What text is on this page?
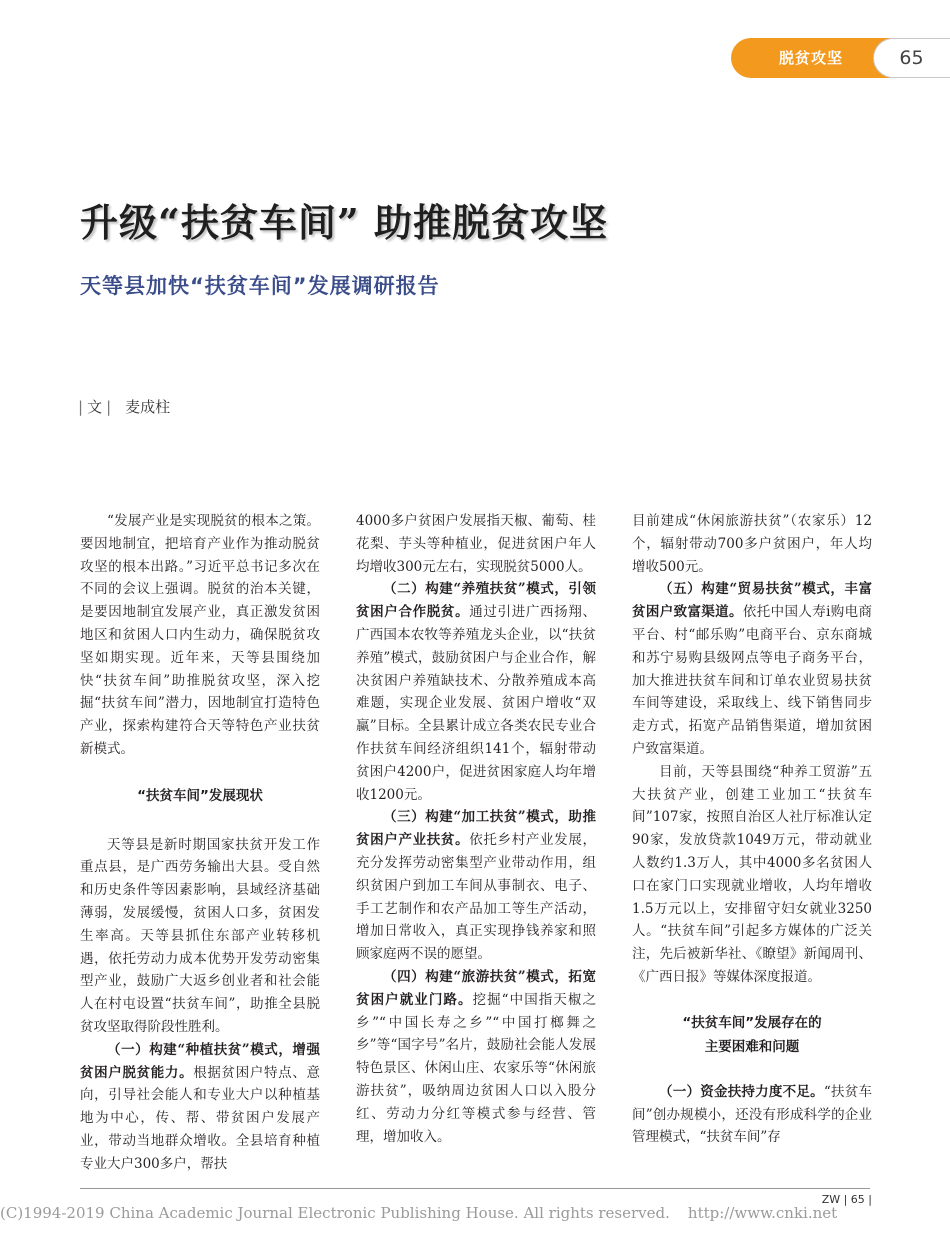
脱贫攻坚	65
升级“扶贫车间” 助推脱贫攻坚
天等县加快“扶贫车间”发展调研报告
| 文 | 麦成柱

“发展产业是实现脱贫的根本之策。要因地制宜，把培育产业作为推动脱贫攻坚的根本出路。”习近平总书记多次在不同的会议上强调。脱贫的治本关键，是要因地制宜发展产业，真正激发贫困地区和贫困人口内生动力，确保脱贫攻坚如期实现。近年来，天等县围绕加快“扶贫车间”助推脱贫攻坚，深入挖掘“扶贫车间”潜力，因地制宜打造特色产业，探索构建符合天等特色产业扶贫新模式。

“扶贫车间”发展现状

天等县是新时期国家扶贫开发工作重点县，是广西劳务输出大县。受自然和历史条件等因素影响，县域经济基础薄弱，发展缓慢，贫困人口多，贫困发生率高。天等县抓住东部产业转移机遇，依托劳动力成本优势开发劳动密集型产业，鼓励广大返乡创业者和社会能人在村屯设置“扶贫车间”，助推全县脱贫攻坚取得阶段性胜利。

（一）构建“种植扶贫”模式，增强贫困户脱贫能力。根据贫困户特点、意向，引导社会能人和专业大户以种植基地为中心，传、帮、带贫困户发展产业，带动当地群众增收。全县培育种植专业大户300多户，帮扶

4000多户贫困户发展指天椒、葡萄、桂花梨、芋头等种植业，促进贫困户年人均增收300元左右，实现脱贫5000人。

（二）构建“养殖扶贫”模式，引领贫困户合作脱贫。通过引进广西扬翔、广西国本农牧等养殖龙头企业，以“扶贫养殖”模式，鼓励贫困户与企业合作，解决贫困户养殖缺技术、分散养殖成本高难题，实现企业发展、贫困户增收“双赢”目标。全县累计成立各类农民专业合作扶贫车间经济组织141个，辐射带动贫困户4200户，促进贫困家庭人均年增收1200元。

（三）构建“加工扶贫”模式，助推贫困户产业扶贫。依托乡村产业发展，充分发挥劳动密集型产业带动作用，组织贫困户到加工车间从事制衣、电子、手工艺制作和农产品加工等生产活动，增加日常收入，真正实现挣钱养家和照顾家庭两不误的愿望。

（四）构建“旅游扶贫”模式，拓宽贫困户就业门路。挖掘“中国指天椒之乡”“中国长寿之乡”“中国打榔舞之乡”等“国字号”名片，鼓励社会能人发展特色景区、休闲山庄、农家乐等“休闲旅游扶贫”，吸纳周边贫困人口以入股分红、劳动力分红等模式参与经营、管理，增加收入。

目前建成“休闲旅游扶贫”（农家乐）12个，辐射带动700多户贫困户，年人均增收500元。

（五）构建“贸易扶贫”模式，丰富贫困户致富渠道。依托中国人寿i购电商平台、村“邮乐购”电商平台、京东商城和苏宁易购县级网点等电子商务平台，加大推进扶贫车间和订单农业贸易扶贫车间等建设，采取线上、线下销售同步走方式，拓宽产品销售渠道，增加贫困户致富渠道。

目前，天等县围绕“种养工贸游”五大扶贫产业，创建工业加工“扶贫车间”107家，按照自治区人社厅标准认定90家，发放贷款1049万元，带动就业人数约1.3万人，其中4000多名贫困人口在家门口实现就业增收，人均年增收1.5万元以上，安排留守妇女就业3250人。“扶贫车间”引起多方媒体的广泛关注，先后被新华社、《瞭望》新闻周刊、《广西日报》等媒体深度报道。

“扶贫车间”发展存在的
主要困难和问题

（一）资金扶持力度不足。“扶贫车间”创办规模小，还没有形成科学的企业管理模式，“扶贫车间”存

ZW | 65 |
(C)1994-2019 China Academic Journal Electronic Publishing House. All rights reserved. http://www.cnki.net
